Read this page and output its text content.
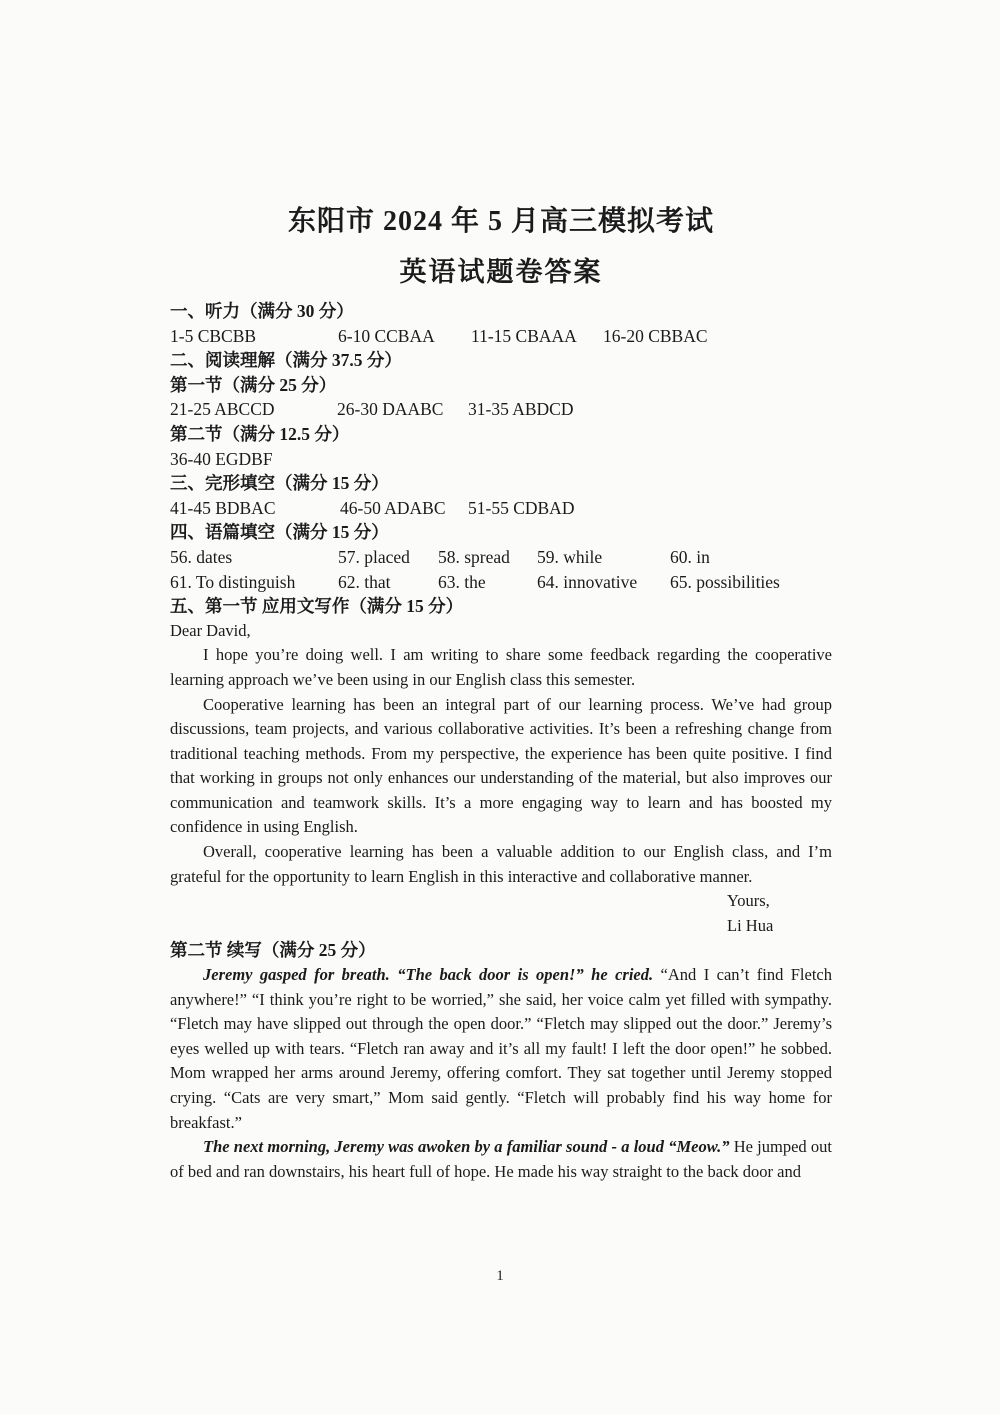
东阳市 2024 年 5 月高三模拟考试
英语试题卷答案
一、听力（满分 30 分）
1-5 CBCBB	6-10 CCBAA 11-15 CBAAA 16-20 CBBAC
二、阅读理解（满分 37.5 分）
第一节（满分 25 分）
21-25 ABCCD	26-30 DAABC 31-35 ABDCD
第二节（满分 12.5 分）
36-40 EGDBF
三、完形填空（满分 15 分）
41-45 BDBAC	46-50 ADABC 51-55 CDBAD
四、语篇填空（满分 15 分）
56. dates	57. placed 58. spread 59. while	60. in
61. To distinguish 62. that	63. the	64. innovative 65. possibilities
五、第一节 应用文写作（满分 15 分）

Dear David,

I hope you’re doing well. I am writing to share some feedback regarding the cooperative learning approach we’ve been using in our English class this semester.

Cooperative learning has been an integral part of our learning process. We’ve had group discussions, team projects, and various collaborative activities. It’s been a refreshing change from traditional teaching methods. From my perspective, the experience has been quite positive. I find that working in groups not only enhances our understanding of the material, but also improves our communication and teamwork skills. It’s a more engaging way to learn and has boosted my confidence in using English.

Overall, cooperative learning has been a valuable addition to our English class, and I’m grateful for the opportunity to learn English in this interactive and collaborative manner.

Yours,
Li Hua
第二节 续写（满分 25 分）

Jeremy gasped for breath. “The back door is open!” he cried. “And I can’t find Fletch anywhere!” “I think you’re right to be worried,” she said, her voice calm yet filled with sympathy. “Fletch may have slipped out through the open door.” “Fletch may slipped out the door.” Jeremy’s eyes welled up with tears. “Fletch ran away and it’s all my fault! I left the door open!” he sobbed. Mom wrapped her arms around Jeremy, offering comfort. They sat together until Jeremy stopped crying. “Cats are very smart,” Mom said gently. “Fletch will probably find his way home for breakfast.”

The next morning, Jeremy was awoken by a familiar sound - a loud “Meow.” He jumped out of bed and ran downstairs, his heart full of hope. He made his way straight to the back door and

1
